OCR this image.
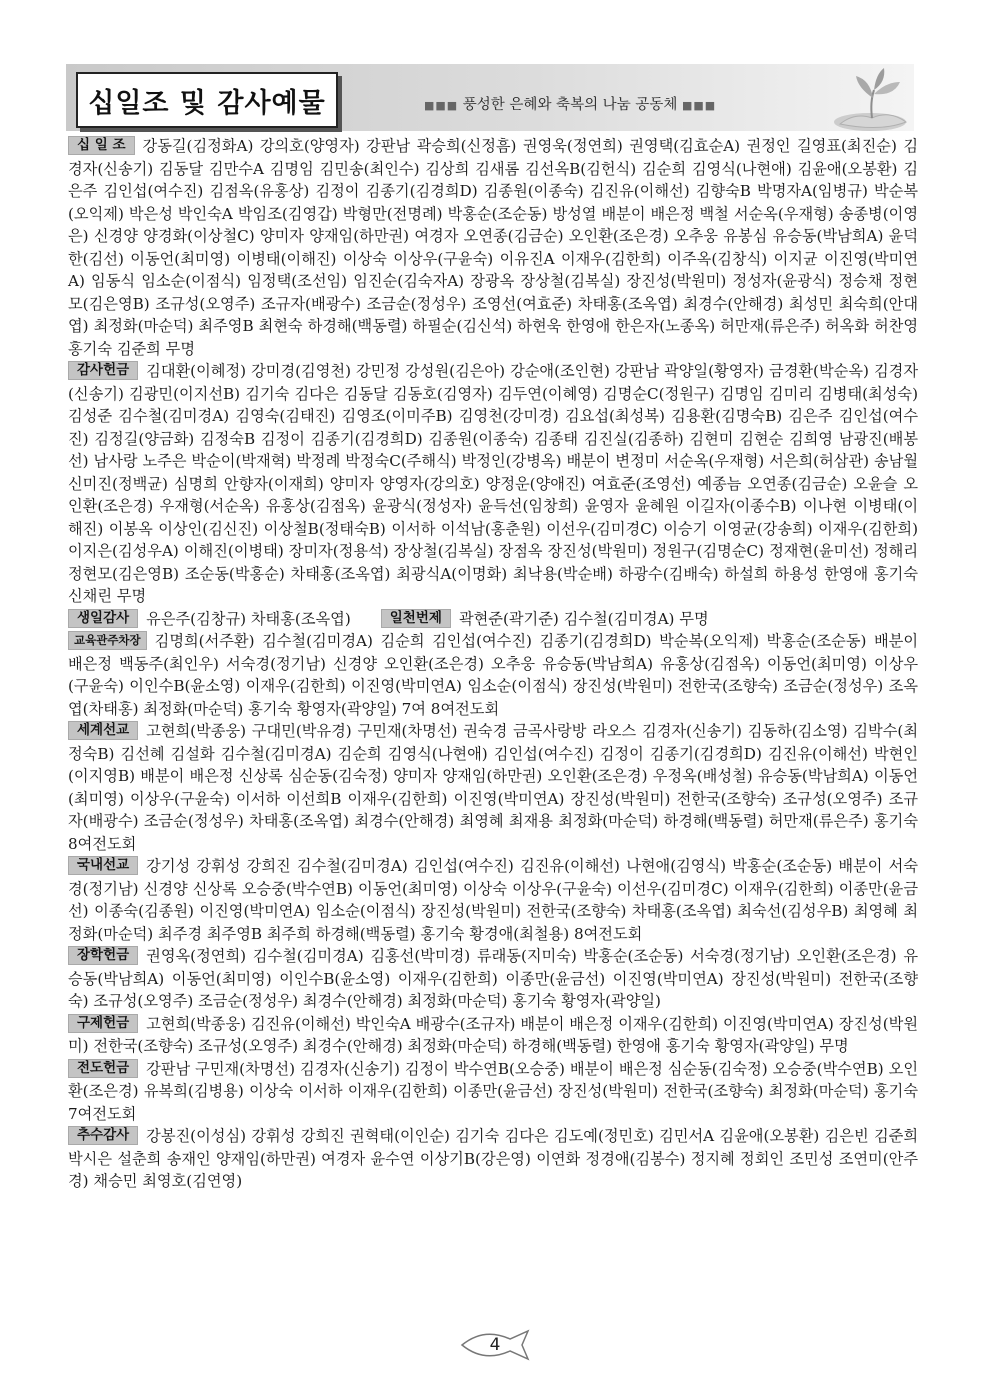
십일조 및 감사예물	■■■ 풍성한 은혜와 축복의 나눔 공동체 ■■■

십 일 조 강동길(김정화A) 강의호(양영자) 강판남 곽승희(신정흠) 권영욱(정연희) 권영택(김효순A) 권정인 길영표(최진순) 김경자(신송기) 김동달 김만수A 김명임 김민송(최인수) 김상희 김새롬 김선옥B(김헌식) 김순희 김영식(나현애) 김윤애(오봉환) 김은주 김인섭(여수진) 김점옥(유홍상) 김정이 김종기(김경희D) 김종원(이종숙) 김진유(이해선) 김향숙B 박명자A(임병규) 박순복(오익제) 박은성 박인숙A 박임조(김영갑) 박형만(전명례) 박홍순(조순동) 방성열 배분이 배은정 백철 서순옥(우재형) 송종병(이영은) 신경양 양경화(이상철C) 양미자 양재임(하만권) 여경자 오연종(김금순) 오인환(조은경) 오추웅 유봉심 유승동(박남희A) 윤덕한(김선) 이동언(최미영) 이병태(이해진) 이상숙 이상우(구윤숙) 이유진A 이재우(김한희) 이주옥(김창식) 이지균 이진영(박미연A) 임동식 임소순(이점식) 임정택(조선임) 임진순(김숙자A) 장광옥 장상철(김복실) 장진성(박원미) 정성자(윤광식) 정승채 정현모(김은영B) 조규성(오영주) 조규자(배광수) 조금순(정성우) 조영선(여효준) 차태홍(조옥엽) 최경수(안해경) 최성민 최숙희(안대엽) 최정화(마순덕) 최주영B 최현숙 하경해(백동렬) 하필순(김신석) 하현욱 한영애 한은자(노종옥) 허만재(류은주) 허옥화 허찬영 홍기숙 김준희 무명

감사헌금 김대환(이혜정) 강미경(김영천) 강민정 강성원(김은아) 강순애(조인현) 강판남 곽양일(황영자) 금경환(박순옥) 김경자(신송기) 김광민(이지선B) 김기숙 김다은 김동달 김동호(김영자) 김두연(이혜영) 김명순C(정원구) 김명임 김미리 김병태(최성숙) 김성준 김수철(김미경A) 김영숙(김태진) 김영조(이미주B) 김영천(강미경) 김요섭(최성복) 김용환(김명숙B) 김은주 김인섭(여수진) 김정길(양금화) 김정숙B 김정이 김종기(김경희D) 김종원(이종숙) 김종태 김진실(김종하) 김현미 김현순 김희영 남광진(배봉선) 남사랑 노주은 박순이(박재혁) 박정례 박정숙C(주해식) 박정인(강병옥) 배분이 변정미 서순옥(우재형) 서은희(허삼관) 송남월 신미진(정백균) 심명희 안향자(이재희) 양미자 양영자(강의호) 양정운(양애진) 여효준(조영선) 예종늠 오연종(김금순) 오윤슬 오인환(조은경) 우재형(서순옥) 유홍상(김점옥) 윤광식(정성자) 윤득선(임창희) 윤영자 윤혜원 이길자(이종수B) 이나현 이병태(이해진) 이봉옥 이상인(김신진) 이상철B(정태숙B) 이서하 이석남(홍춘원) 이선우(김미경C) 이승기 이영균(강송희) 이재우(김한희) 이지은(김성우A) 이해진(이병태) 장미자(정용석) 장상철(김복실) 장점옥 장진성(박원미) 정원구(김명순C) 정재현(윤미선) 정해리 정현모(김은영B) 조순동(박홍순) 차태홍(조옥엽) 최광식A(이명화) 최낙용(박순배) 하광수(김배숙) 하설희 하용성 한영애 홍기숙 신채린 무명

생일감사 유은주(김창규) 차태홍(조옥엽)	일천번제 곽현준(곽기준) 김수철(김미경A) 무명

교육관주차장 김명희(서주환) 김수철(김미경A) 김순희 김인섭(여수진) 김종기(김경희D) 박순복(오익제) 박홍순(조순동) 배분이 배은정 백동주(최인우) 서숙경(정기남) 신경양 오인환(조은경) 오추웅 유승동(박남희A) 유홍상(김점옥) 이동언(최미영) 이상우(구윤숙) 이인수B(윤소영) 이재우(김한희) 이진영(박미연A) 임소순(이점식) 장진성(박원미) 전한국(조향숙) 조금순(정성우) 조옥엽(차태홍) 최정화(마순덕) 홍기숙 황영자(곽양일) 7여 8여전도회

세계선교 고현희(박종웅) 구대민(박유경) 구민재(차명선) 권숙경 금곡사랑방 라오스 김경자(신송기) 김동하(김소영) 김박수(최정숙B) 김선혜 김설화 김수철(김미경A) 김순희 김영식(나현애) 김인섭(여수진) 김정이 김종기(김경희D) 김진유(이해선) 박현인(이지영B) 배분이 배은정 신상록 심순동(김숙정) 양미자 양재임(하만권) 오인환(조은경) 우정옥(배성철) 유승동(박남희A) 이동언(최미영) 이상우(구윤숙) 이서하 이선희B 이재우(김한희) 이진영(박미연A) 장진성(박원미) 전한국(조향숙) 조규성(오영주) 조규자(배광수) 조금순(정성우) 차태홍(조옥엽) 최경수(안해경) 최영혜 최재용 최정화(마순덕) 하경해(백동렬) 허만재(류은주) 홍기숙 8여전도회

국내선교 강기성 강휘성 강희진 김수철(김미경A) 김인섭(여수진) 김진유(이해선) 나현애(김영식) 박홍순(조순동) 배분이 서숙경(정기남) 신경양 신상록 오승중(박수연B) 이동언(최미영) 이상숙 이상우(구윤숙) 이선우(김미경C) 이재우(김한희) 이종만(윤금선) 이종숙(김종원) 이진영(박미연A) 임소순(이점식) 장진성(박원미) 전한국(조향숙) 차태홍(조옥엽) 최숙선(김성우B) 최영혜 최정화(마순덕) 최주경 최주영B 최주희 하경해(백동렬) 홍기숙 황경애(최철용) 8여전도회

장학헌금 권영옥(정연희) 김수철(김미경A) 김홍선(박미경) 류래동(지미숙) 박홍순(조순동) 서숙경(정기남) 오인환(조은경) 유승동(박남희A) 이동언(최미영) 이인수B(윤소영) 이재우(김한희) 이종만(윤금선) 이진영(박미연A) 장진성(박원미) 전한국(조향숙) 조규성(오영주) 조금순(정성우) 최경수(안해경) 최정화(마순덕) 홍기숙 황영자(곽양일)

구제헌금 고현희(박종웅) 김진유(이해선) 박인숙A 배광수(조규자) 배분이 배은정 이재우(김한희) 이진영(박미연A) 장진성(박원미) 전한국(조향숙) 조규성(오영주) 최경수(안해경) 최정화(마순덕) 하경해(백동렬) 한영애 홍기숙 황영자(곽양일) 무명

전도헌금 강판남 구민재(차명선) 김경자(신송기) 김정이 박수연B(오승중) 배분이 배은정 심순동(김숙정) 오승중(박수연B) 오인환(조은경) 유복희(김병용) 이상숙 이서하 이재우(김한희) 이종만(윤금선) 장진성(박원미) 전한국(조향숙) 최정화(마순덕) 홍기숙 7여전도회

추수감사 강봉진(이성심) 강휘성 강희진 권혁태(이인순) 김기숙 김다은 김도예(정민호) 김민서A 김윤애(오봉환) 김은빈 김준희 박시은 설춘희 송재인 양재임(하만권) 여경자 윤수연 이상기B(강은영) 이연화 정경애(김봉수) 정지혜 정회인 조민성 조연미(안주경) 채승민 최영호(김연영)

4
